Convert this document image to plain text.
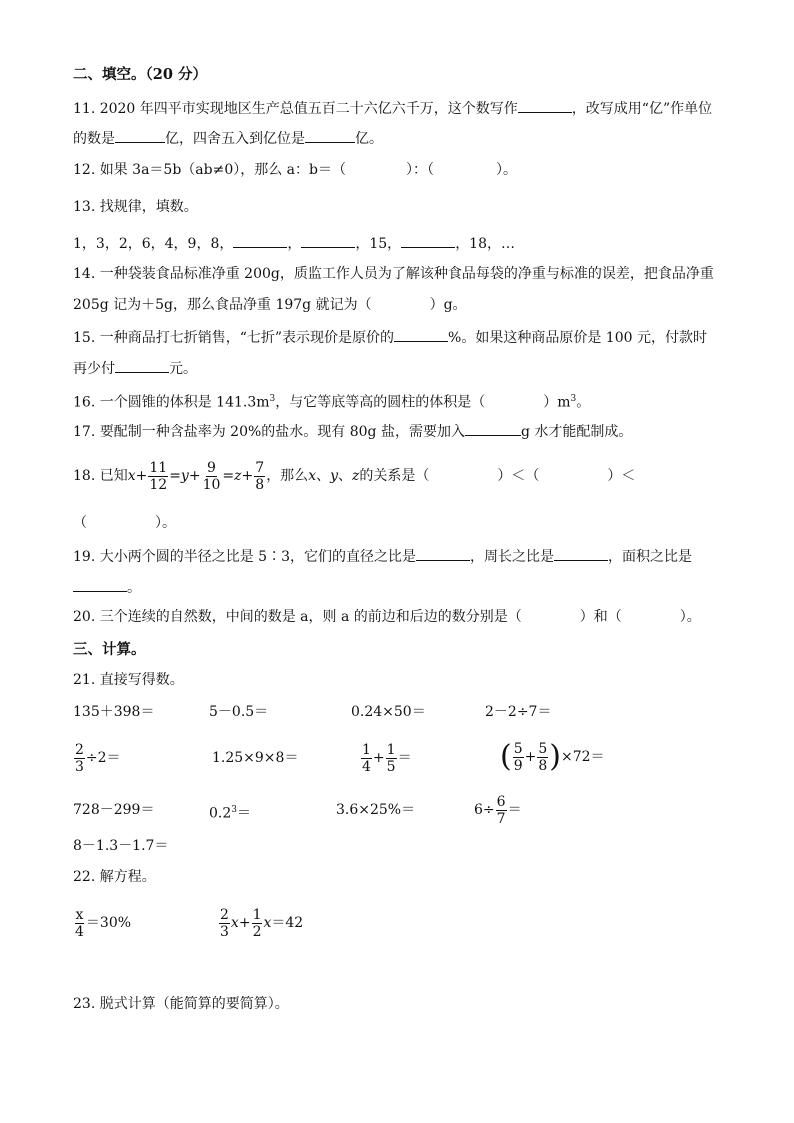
二、填空。（20 分）
11. 2020 年四平市实现地区生产总值五百二十六亿六千万，这个数写作	，改写成用“亿”作单位
的数是	亿，四舍五入到亿位是	亿。
12. 如果 3a＝5b（ab≠0），那么 a：b＝（	）：（	）。
13. 找规律，填数。
1，3，2，6，4，9，8，	，	，15，	，18，…
14. 一种袋装食品标准净重 200g，质监工作人员为了解该种食品每袋的净重与标准的误差，把食品净重
205g 记为＋5g，那么食品净重 197g 就记为（	）g。
15. 一种商品打七折销售，“七折”表示现价是原价的	%。如果这种商品原价是 100 元，付款时
再少付	元。
16. 一个圆锥的体积是 $141.3m^3$，与它等底等高的圆柱的体积是（	）$m^3$。
17. 要配制一种含盐率为 20%的盐水。现有 80g 盐，需要加入	g 水才能配制成。
18. 已知$x+ \frac{11}{12} =y+ \frac{9}{10} =z+ \frac{7}{8}$ ，那么x、y、z的关系是（	）＜（	）＜
（	）。
19. 大小两个圆的半径之比是 5∶3，它们的直径之比是	，周长之比是	，面积之比是
。
20. 三个连续的自然数，中间的数是 a，则 a 的前边和后边的数分别是（	）和（	）。
三、计算。
21. 直接写得数。
135＋398＝	5－0.5＝	0.24×50＝	2－2÷7＝
$\frac{2}{3} \div 2=$	1.25×9×8＝	$\frac{1}{4} + \frac{1}{5}$ ＝	( $\frac{5}{9} + \frac{5}{8} )\times 72=$
728－299＝	$0.2^3=$	3.6×25%＝	$6\div \frac{6}{7}$ ＝
8－1.3－1.7＝
22. 解方程。
$\frac{x}{4} =30\%$	$\frac{2}{3} x+ \frac{1}{2} x=42$
23. 脱式计算（能简算的要简算）。
